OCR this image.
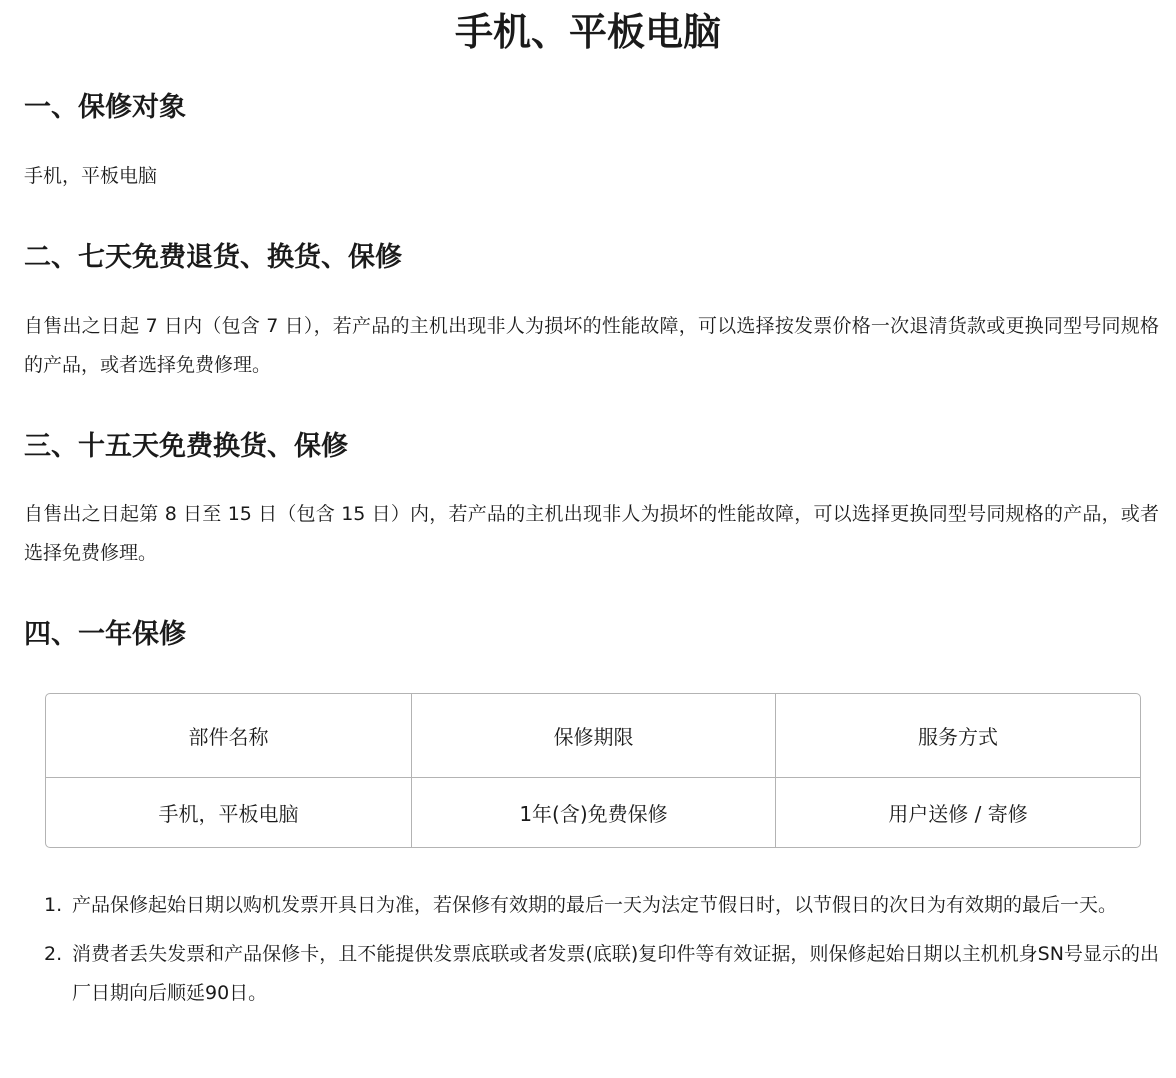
手机、平板电脑
一、保修对象

手机，平板电脑

二、七天免费退货、换货、保修

自售出之日起 7 日内（包含 7 日），若产品的主机出现非人为损坏的性能故障，可以选择按发票价格一次退清货款或更换同型号同规格的产品，或者选择免费修理。

三、十五天免费换货、保修

自售出之日起第 8 日至 15 日（包含 15 日）内，若产品的主机出现非人为损坏的性能故障，可以选择更换同型号同规格的产品，或者选择免费修理。

四、一年保修
部件名称	保修期限	服务方式
手机，平板电脑	1年(含)免费保修	用户送修 / 寄修
1. 产品保修起始日期以购机发票开具日为准，若保修有效期的最后一天为法定节假日时，以节假日的次日为有效期的最后一天。
2. 消费者丢失发票和产品保修卡，且不能提供发票底联或者发票(底联)复印件等有效证据，则保修起始日期以主机机身SN号显示的出厂日期向后顺延90日。
